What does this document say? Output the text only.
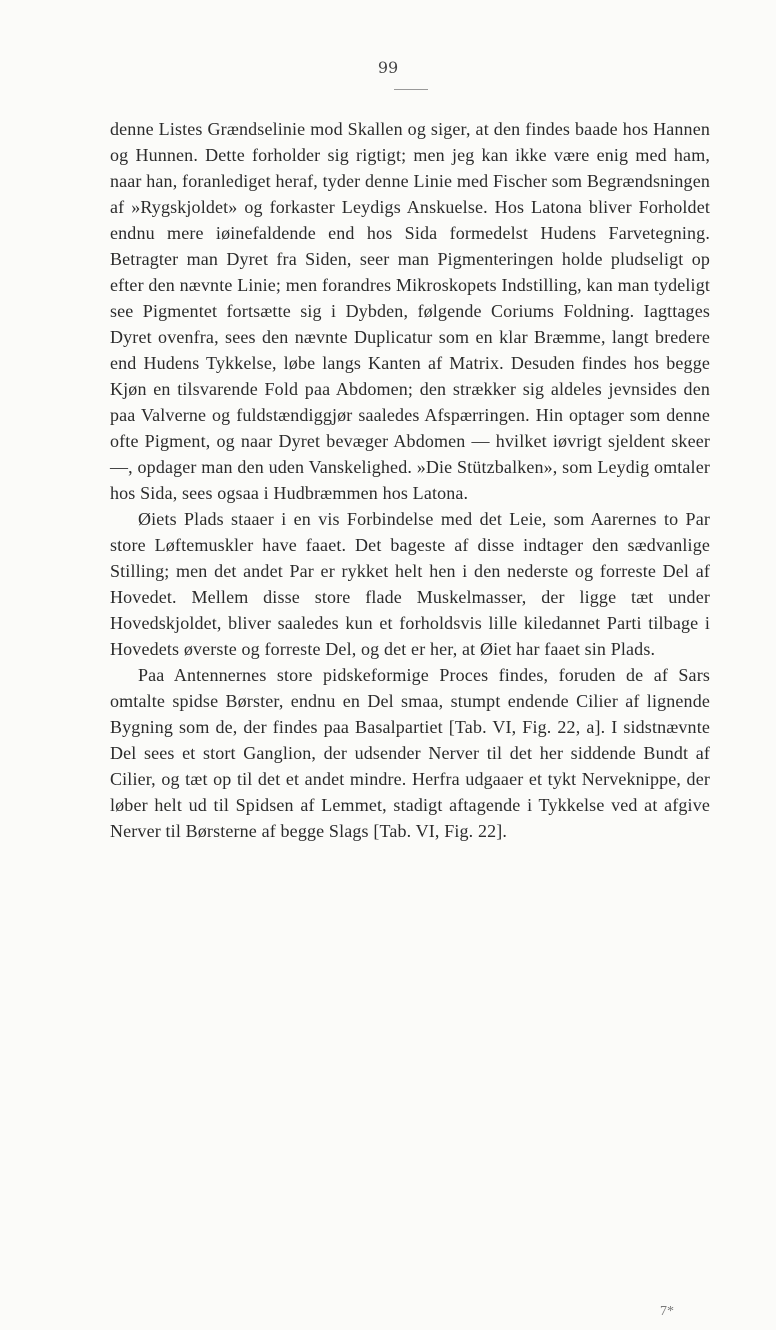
99

denne Listes Grændselinie mod Skallen og siger, at den findes baade hos Hannen og Hunnen. Dette forholder sig rigtigt; men jeg kan ikke være enig med ham, naar han, foranlediget heraf, tyder denne Linie med Fischer som Begrændsningen af »Rygskjoldet» og forkaster Leydigs Anskuelse. Hos Latona bliver Forholdet endnu mere iøinefaldende end hos Sida formedelst Hudens Farvetegning. Betragter man Dyret fra Siden, seer man Pigmenteringen holde pludseligt op efter den nævnte Linie; men forandres Mikroskopets Indstilling, kan man tydeligt see Pigmentet fortsætte sig i Dybden, følgende Coriums Foldning. Iagttages Dyret ovenfra, sees den nævnte Duplicatur som en klar Bræmme, langt bredere end Hudens Tykkelse, løbe langs Kanten af Matrix. Desuden findes hos begge Kjøn en tilsvarende Fold paa Abdomen; den strækker sig aldeles jevnsides den paa Valverne og fuldstændiggjør saaledes Afspærringen. Hin optager som denne ofte Pigment, og naar Dyret bevæger Abdomen — hvilket iøvrigt sjeldent skeer —, opdager man den uden Vanskelighed. »Die Stützbalken», som Leydig omtaler hos Sida, sees ogsaa i Hudbræmmen hos Latona.

Øiets Plads staaer i en vis Forbindelse med det Leie, som Aarernes to Par store Løftemuskler have faaet. Det bageste af disse indtager den sædvanlige Stilling; men det andet Par er rykket helt hen i den nederste og forreste Del af Hovedet. Mellem disse store flade Muskelmasser, der ligge tæt under Hovedskjoldet, bliver saaledes kun et forholdsvis lille kiledannet Parti tilbage i Hovedets øverste og forreste Del, og det er her, at Øiet har faaet sin Plads.

Paa Antennernes store pidskeformige Proces findes, foruden de af Sars omtalte spidse Børster, endnu en Del smaa, stumpt endende Cilier af lignende Bygning som de, der findes paa Basalpartiet [Tab. VI, Fig. 22, a]. I sidstnævnte Del sees et stort Ganglion, der udsender Nerver til det her siddende Bundt af Cilier, og tæt op til det et andet mindre. Herfra udgaaer et tykt Nerveknippe, der løber helt ud til Spidsen af Lemmet, stadigt aftagende i Tykkelse ved at afgive Nerver til Børsterne af begge Slags [Tab. VI, Fig. 22].

7*
